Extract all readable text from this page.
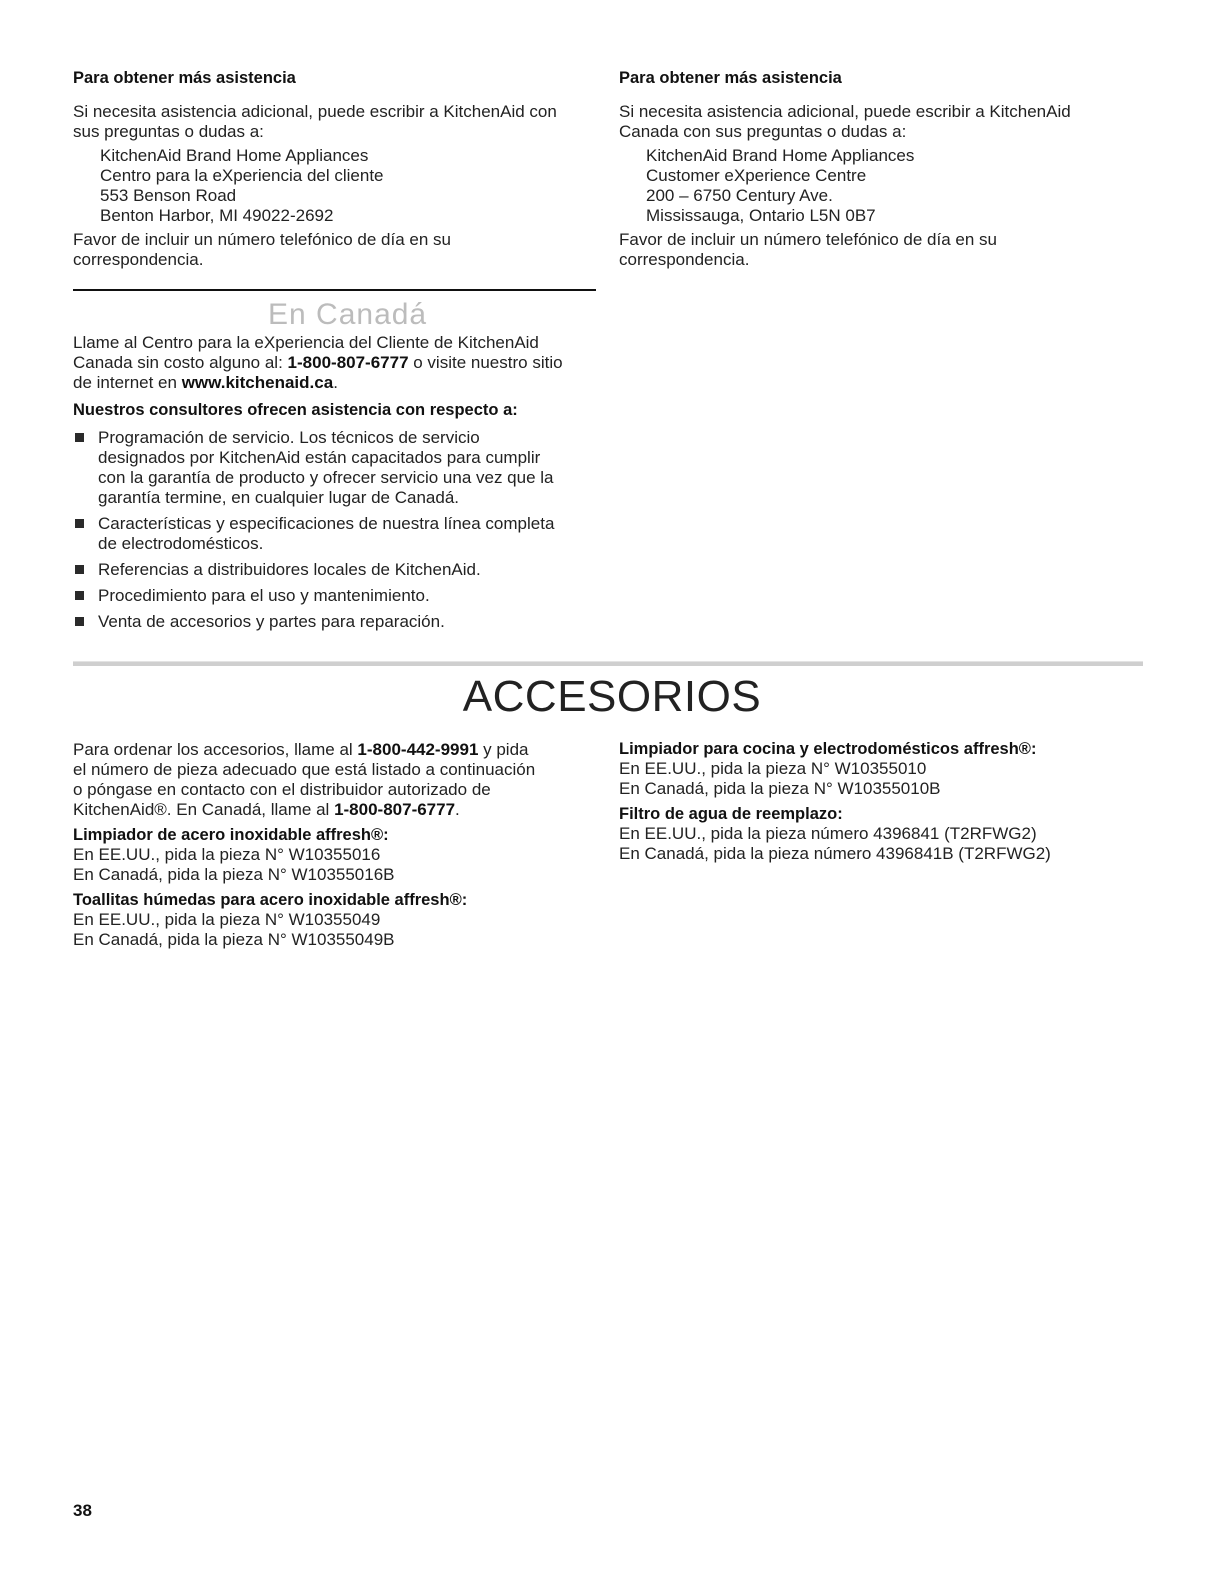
Para obtener más asistencia

Si necesita asistencia adicional, puede escribir a KitchenAid con

sus preguntas o dudas a:

KitchenAid Brand Home Appliances
Centro para la eXperiencia del cliente
553 Benson Road
Benton Harbor, MI 49022-2692

Favor de incluir un número telefónico de día en su

correspondencia.

Para obtener más asistencia

Si necesita asistencia adicional, puede escribir a KitchenAid

Canada con sus preguntas o dudas a:

KitchenAid Brand Home Appliances
Customer eXperience Centre
200 – 6750 Century Ave.
Mississauga, Ontario L5N 0B7

Favor de incluir un número telefónico de día en su

correspondencia.

En Canadá

Llame al Centro para la eXperiencia del Cliente de KitchenAid

Canada sin costo alguno al: 1-800-807-6777 o visite nuestro sitio

de internet en www.kitchenaid.ca.

Nuestros consultores ofrecen asistencia con respecto a:
Programación de servicio. Los técnicos de servicio
designados por KitchenAid están capacitados para cumplir
con la garantía de producto y ofrecer servicio una vez que la
garantía termine, en cualquier lugar de Canadá.
Características y especificaciones de nuestra línea completa
de electrodomésticos.
Referencias a distribuidores locales de KitchenAid.
Procedimiento para el uso y mantenimiento.
Venta de accesorios y partes para reparación.
ACCESORIOS

Para ordenar los accesorios, llame al 1-800-442-9991 y pida

el número de pieza adecuado que está listado a continuación

o póngase en contacto con el distribuidor autorizado de

KitchenAid®. En Canadá, llame al 1-800-807-6777.

Limpiador de acero inoxidable affresh®:

En EE.UU., pida la pieza N° W10355016

En Canadá, pida la pieza N° W10355016B

Toallitas húmedas para acero inoxidable affresh®:

En EE.UU., pida la pieza N° W10355049

En Canadá, pida la pieza N° W10355049B

Limpiador para cocina y electrodomésticos affresh®:

En EE.UU., pida la pieza N° W10355010

En Canadá, pida la pieza N° W10355010B

Filtro de agua de reemplazo:

En EE.UU., pida la pieza número 4396841 (T2RFWG2)

En Canadá, pida la pieza número 4396841B (T2RFWG2)

38
